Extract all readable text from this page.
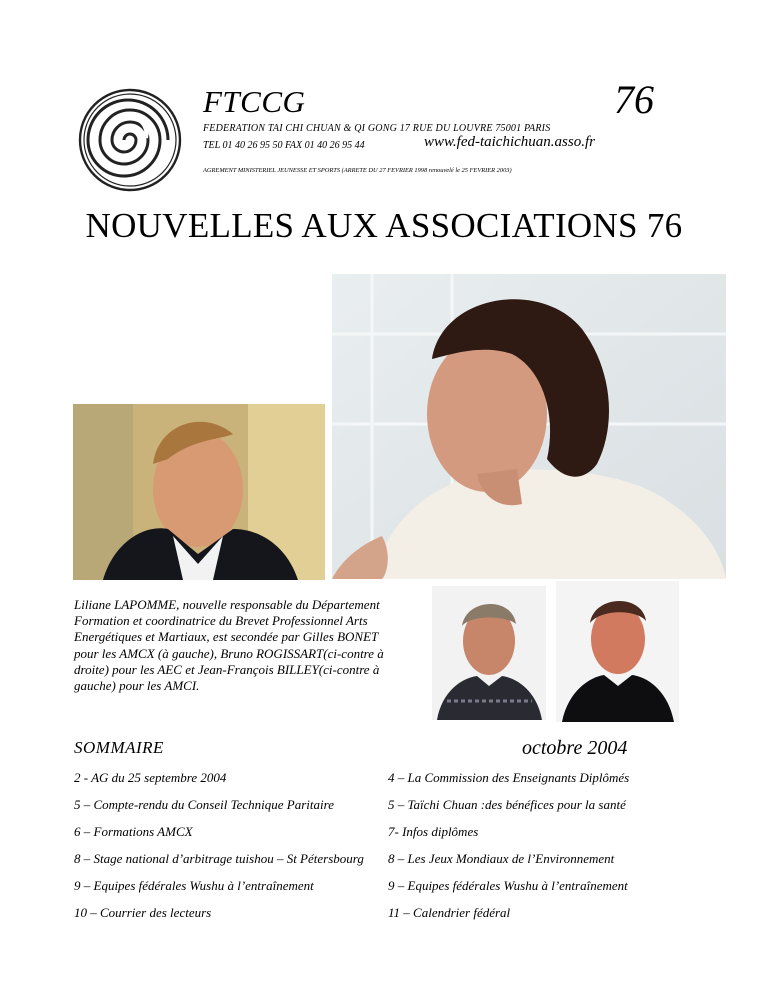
FTCCG	76
FEDERATION TAI CHI CHUAN & QI GONG 17 RUE DU LOUVRE 75001 PARIS
TEL 01 40 26 95 50 FAX 01 40 26 95 44	www.fed-taichichuan.asso.fr
AGREMENT MINISTERIEL JEUNESSE ET SPORTS (ARRETE DU 27 FEVRIER 1998 renouvelé le 25 FEVRIER 2003)
NOUVELLES AUX ASSOCIATIONS 76
Liliane LAPOMME, nouvelle responsable du Département Formation et coordinatrice du Brevet Professionnel Arts Energétiques et Martiaux, est secondée par Gilles BONET pour les AMCX (à gauche), Bruno ROGISSART(ci-contre à droite) pour les AEC et Jean-François BILLEY(ci-contre à gauche) pour les AMCI.
SOMMAIRE	octobre 2004
2 - AG du 25 septembre 2004
5 – Compte-rendu du Conseil Technique Paritaire
6 – Formations AMCX
8 – Stage national d’arbitrage tuishou – St Pétersbourg
9 – Equipes fédérales Wushu à l’entraînement
10 – Courrier des lecteurs
4 – La Commission des Enseignants Diplômés
5 – Taïchi Chuan :des bénéfices pour la santé
7- Infos diplômes
8 – Les Jeux Mondiaux de l’Environnement
9 – Equipes fédérales Wushu à l’entraînement
11 – Calendrier fédéral
